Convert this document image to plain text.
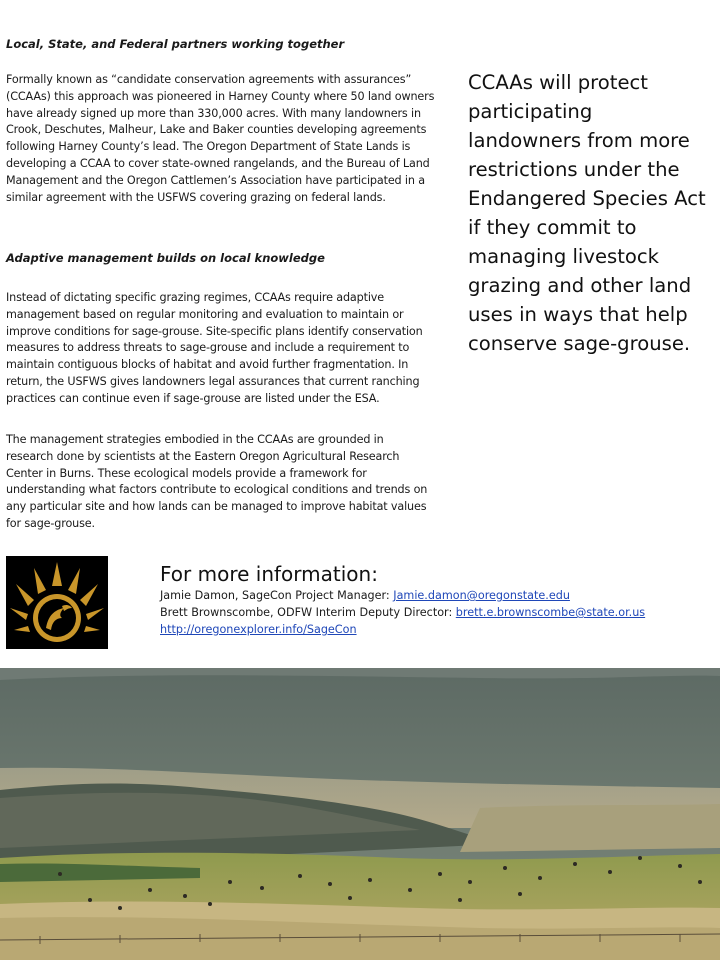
Local, State, and Federal partners working together

Formally known as “candidate conservation agreements with assurances” (CCAAs) this approach was pioneered in Harney County where 50 land owners have already signed up more than 330,000 acres. With many landowners in Crook, Deschutes, Malheur, Lake and Baker counties developing agreements following Harney County’s lead. The Oregon Department of State Lands is developing a CCAA to cover state-owned rangelands, and the Bureau of Land Management and the Oregon Cattlemen’s Association have participated in a similar agreement with the USFWS covering grazing on federal lands.

Adaptive management builds on local knowledge

Instead of dictating specific grazing regimes, CCAAs require adaptive management based on regular monitoring and evaluation to maintain or improve conditions for sage-grouse. Site-specific plans identify conservation measures to address threats to sage-grouse and include a requirement to maintain contiguous blocks of habitat and avoid further fragmentation. In return, the USFWS gives landowners legal assurances that current ranching practices can continue even if sage-grouse are listed under the ESA.

The management strategies embodied in the CCAAs are grounded in research done by scientists at the Eastern Oregon Agricultural Research Center in Burns. These ecological models provide a framework for understanding what factors contribute to ecological conditions and trends on any particular site and how lands can be managed to improve habitat values for sage-grouse.

CCAAs will protect participating landowners from more restrictions under the Endangered Species Act if they commit to managing livestock grazing and other land uses in ways that help conserve sage-grouse.

For more information:

Jamie Damon, SageCon Project Manager: Jamie.damon@oregonstate.edu

Brett Brownscombe, ODFW Interim Deputy Director: brett.e.brownscombe@state.or.us

http://oregonexplorer.info/SageCon
